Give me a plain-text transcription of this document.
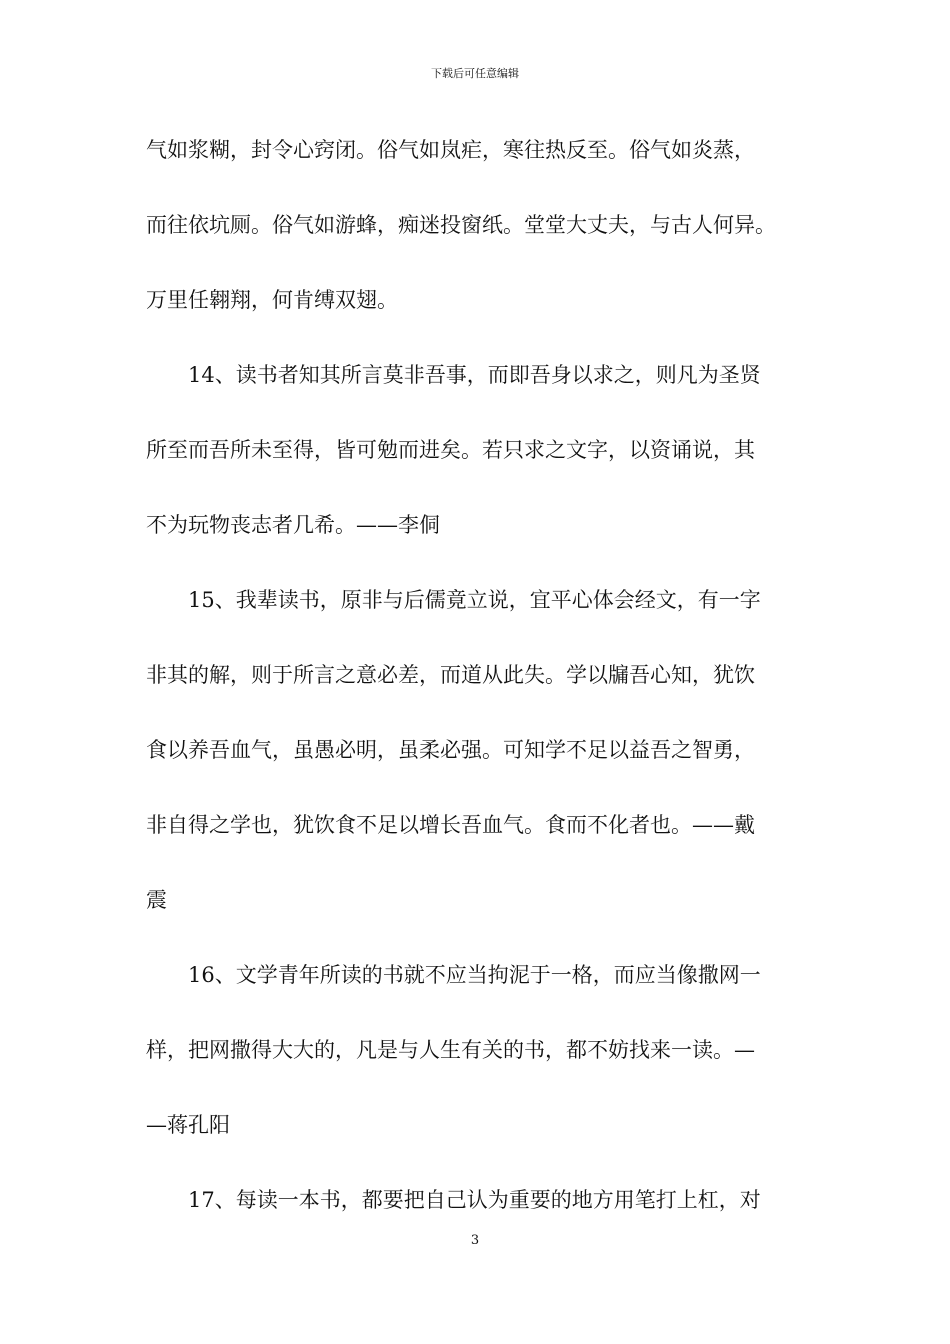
下载后可任意编辑
气如浆糊，封令心窍闭。俗气如岚疟，寒往热反至。俗气如炎蒸，
而往依坑厕。俗气如游蜂，痴迷投窗纸。堂堂大丈夫，与古人何异。
万里任翱翔，何肯缚双翅。
14、读书者知其所言莫非吾事，而即吾身以求之，则凡为圣贤
所至而吾所未至得，皆可勉而进矣。若只求之文字，以资诵说，其
不为玩物丧志者几希。——李侗
15、我辈读书，原非与后儒竟立说，宜平心体会经文，有一字
非其的解，则于所言之意必差，而道从此失。学以牖吾心知，犹饮
食以养吾血气，虽愚必明，虽柔必强。可知学不足以益吾之智勇，
非自得之学也，犹饮食不足以增长吾血气。食而不化者也。——戴
震
16、文学青年所读的书就不应当拘泥于一格，而应当像撒网一
样，把网撒得大大的，凡是与人生有关的书，都不妨找来一读。—
—蒋孔阳
17、每读一本书，都要把自己认为重要的地方用笔打上杠，对
3
